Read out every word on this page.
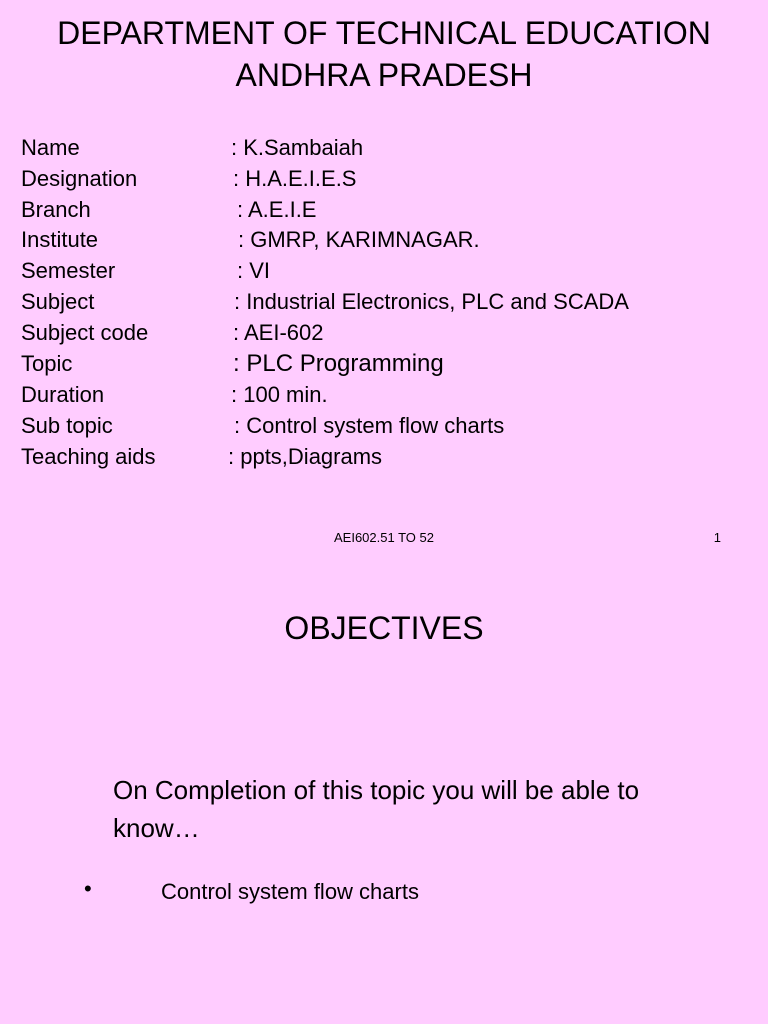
DEPARTMENT OF TECHNICAL EDUCATION
ANDHRA PRADESH
Name	: K.Sambaiah
Designation	: H.A.E.I.E.S
Branch	: A.E.I.E
Institute	: GMRP, KARIMNAGAR.
Semester	: VI
Subject	: Industrial Electronics, PLC and SCADA
Subject code	: AEI-602
Topic	: PLC Programming
Duration	: 100 min.
Sub topic	: Control system flow charts
Teaching aids	: ppts,Diagrams
AEI602.51 TO 52	1
OBJECTIVES

On Completion of this topic you will be able to know…

•	Control system flow charts
